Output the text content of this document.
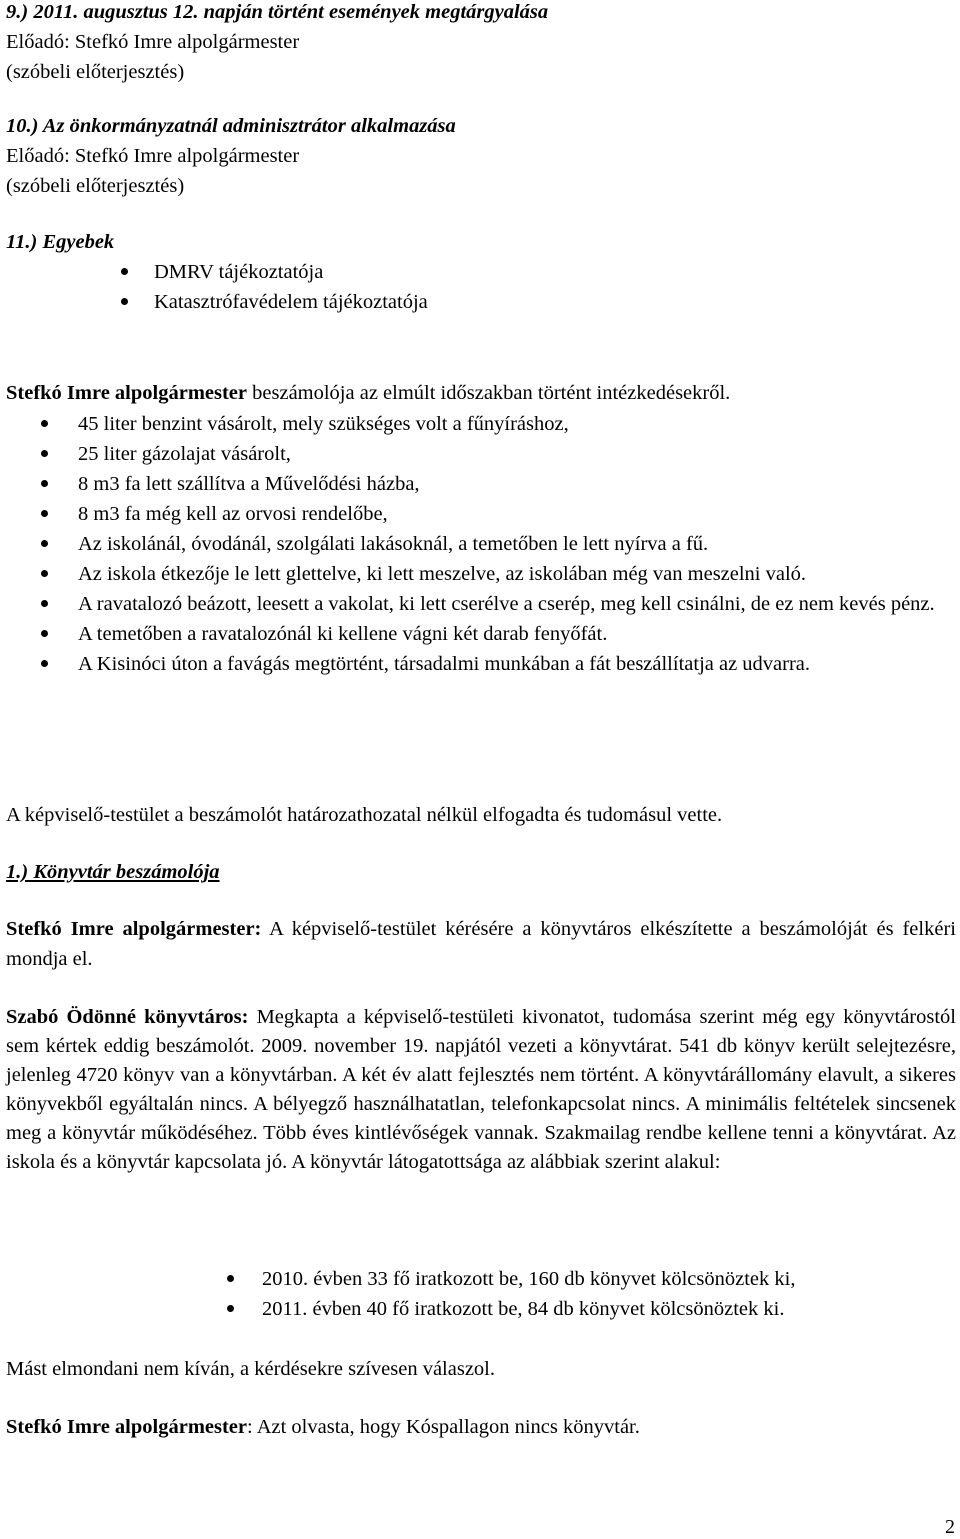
9.) 2011. augusztus 12. napján történt események megtárgyalása
Előadó: Stefkó Imre alpolgármester
(szóbeli előterjesztés)
10.) Az önkormányzatnál adminisztrátor alkalmazása
Előadó: Stefkó Imre alpolgármester
(szóbeli előterjesztés)
11.) Egyebek
DMRV tájékoztatója
Katasztrófavédelem tájékoztatója
Stefkó Imre alpolgármester beszámolója az elmúlt időszakban történt intézkedésekről.
45 liter benzint vásárolt, mely szükséges volt a fűnyíráshoz,
25 liter gázolajat vásárolt,
8 m3 fa lett szállítva a Művelődési házba,
8 m3 fa még kell az orvosi rendelőbe,
Az iskolánál, óvodánál, szolgálati lakásoknál, a temetőben le lett nyírva a fű.
Az iskola étkezője le lett glettelve, ki lett meszelve, az iskolában még van meszelni való.
A ravatalozó beázott, leesett a vakolat, ki lett cserélve a cserép, meg kell csinálni, de ez nem kevés pénz.
A temetőben a ravatalozónál ki kellene vágni két darab fenyőfát.
A Kisinóci úton a favágás megtörtént, társadalmi munkában a fát beszállítatja az udvarra.
A képviselő-testület a beszámolót határozathozatal nélkül elfogadta és tudomásul vette.
1.) Könyvtár beszámolója
Stefkó Imre alpolgármester: A képviselő-testület kérésére a könyvtáros elkészítette a beszámolóját és felkéri mondja el.
Szabó Ödönné könyvtáros: Megkapta a képviselő-testületi kivonatot, tudomása szerint még egy könyvtárostól sem kértek eddig beszámolót. 2009. november 19. napjától vezeti a könyvtárat. 541 db könyv került selejtezésre, jelenleg 4720 könyv van a könyvtárban. A két év alatt fejlesztés nem történt. A könyvtárállomány elavult, a sikeres könyvekből egyáltalán nincs. A bélyegző használhatatlan, telefonkapcsolat nincs. A minimális feltételek sincsenek meg a könyvtár működéséhez. Több éves kintlévőségek vannak. Szakmailag rendbe kellene tenni a könyvtárat. Az iskola és a könyvtár kapcsolata jó. A könyvtár látogatottsága az alábbiak szerint alakul:
2010. évben 33 fő iratkozott be, 160 db könyvet kölcsönöztek ki,
2011. évben 40 fő iratkozott be, 84 db könyvet kölcsönöztek ki.
Mást elmondani nem kíván, a kérdésekre szívesen válaszol.
Stefkó Imre alpolgármester: Azt olvasta, hogy Kóspallagon nincs könyvtár.
2
